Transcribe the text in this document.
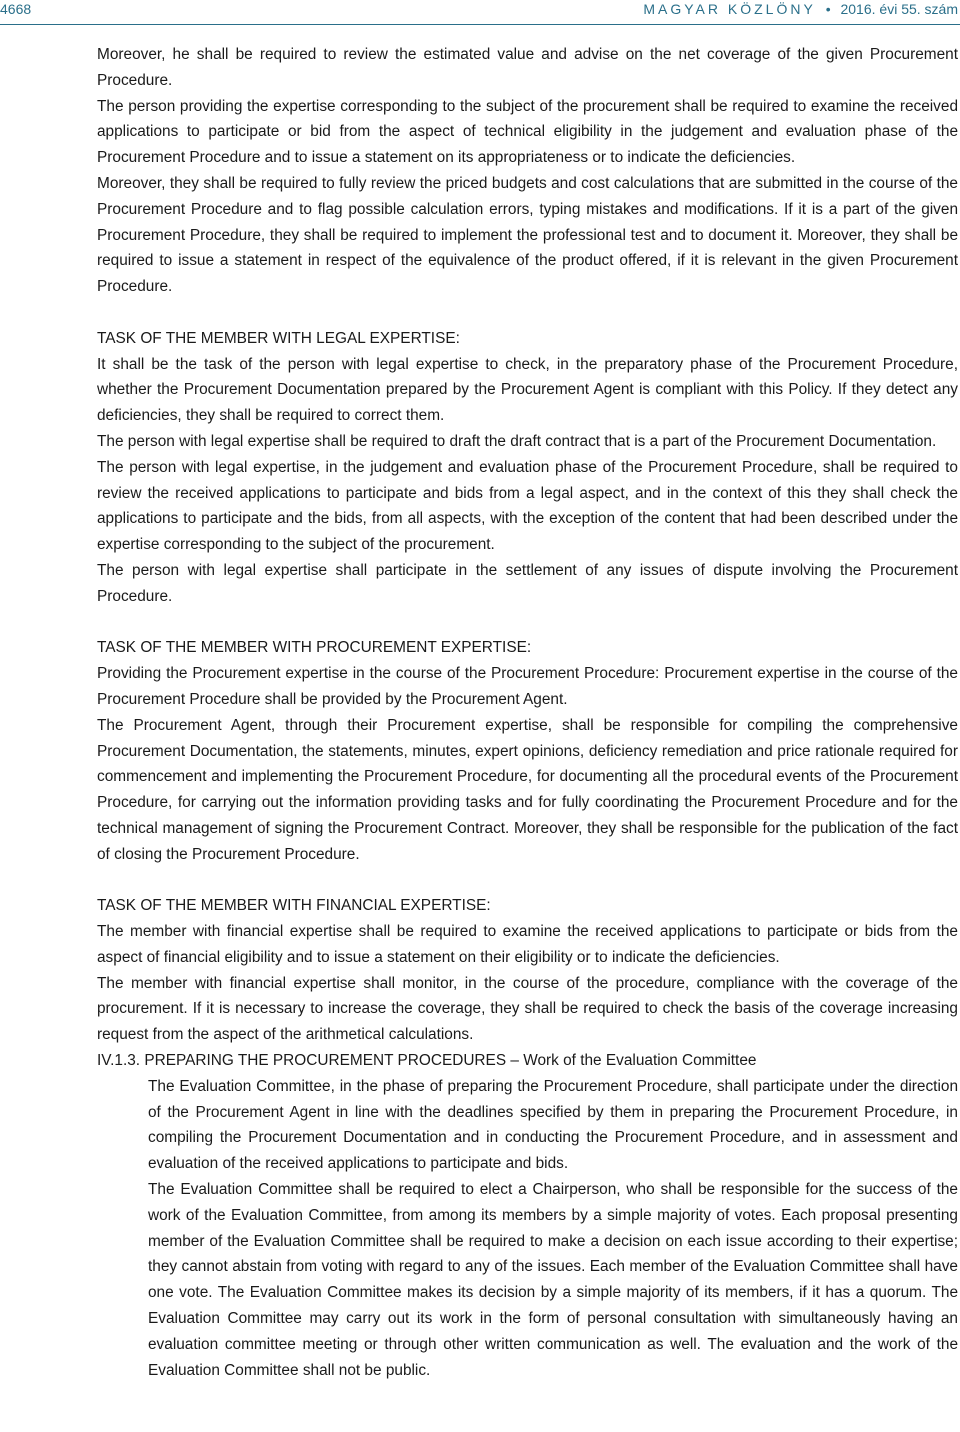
4668	MAGYAR KÖZLÖNY • 2016. évi 55. szám

Moreover, he shall be required to review the estimated value and advise on the net coverage of the given Procurement Procedure.

The person providing the expertise corresponding to the subject of the procurement shall be required to examine the received applications to participate or bid from the aspect of technical eligibility in the judgement and evaluation phase of the Procurement Procedure and to issue a statement on its appropriateness or to indicate the deficiencies.

Moreover, they shall be required to fully review the priced budgets and cost calculations that are submitted in the course of the Procurement Procedure and to flag possible calculation errors, typing mistakes and modifications. If it is a part of the given Procurement Procedure, they shall be required to implement the professional test and to document it. Moreover, they shall be required to issue a statement in respect of the equivalence of the product offered, if it is relevant in the given Procurement Procedure.

TASK OF THE MEMBER WITH LEGAL EXPERTISE:

It shall be the task of the person with legal expertise to check, in the preparatory phase of the Procurement Procedure, whether the Procurement Documentation prepared by the Procurement Agent is compliant with this Policy. If they detect any deficiencies, they shall be required to correct them.

The person with legal expertise shall be required to draft the draft contract that is a part of the Procurement Documentation.

The person with legal expertise, in the judgement and evaluation phase of the Procurement Procedure, shall be required to review the received applications to participate and bids from a legal aspect, and in the context of this they shall check the applications to participate and the bids, from all aspects, with the exception of the content that had been described under the expertise corresponding to the subject of the procurement.

The person with legal expertise shall participate in the settlement of any issues of dispute involving the Procurement Procedure.

TASK OF THE MEMBER WITH PROCUREMENT EXPERTISE:

Providing the Procurement expertise in the course of the Procurement Procedure: Procurement expertise in the course of the Procurement Procedure shall be provided by the Procurement Agent.

The Procurement Agent, through their Procurement expertise, shall be responsible for compiling the comprehensive Procurement Documentation, the statements, minutes, expert opinions, deficiency remediation and price rationale required for commencement and implementing the Procurement Procedure, for documenting all the procedural events of the Procurement Procedure, for carrying out the information providing tasks and for fully coordinating the Procurement Procedure and for the technical management of signing the Procurement Contract. Moreover, they shall be responsible for the publication of the fact of closing the Procurement Procedure.

TASK OF THE MEMBER WITH FINANCIAL EXPERTISE:

The member with financial expertise shall be required to examine the received applications to participate or bids from the aspect of financial eligibility and to issue a statement on their eligibility or to indicate the deficiencies.

The member with financial expertise shall monitor, in the course of the procedure, compliance with the coverage of the procurement. If it is necessary to increase the coverage, they shall be required to check the basis of the coverage increasing request from the aspect of the arithmetical calculations.

IV.1.3. PREPARING THE PROCUREMENT PROCEDURES – Work of the Evaluation Committee

The Evaluation Committee, in the phase of preparing the Procurement Procedure, shall participate under the direction of the Procurement Agent in line with the deadlines specified by them in preparing the Procurement Procedure, in compiling the Procurement Documentation and in conducting the Procurement Procedure, and in assessment and evaluation of the received applications to participate and bids.

The Evaluation Committee shall be required to elect a Chairperson, who shall be responsible for the success of the work of the Evaluation Committee, from among its members by a simple majority of votes. Each proposal presenting member of the Evaluation Committee shall be required to make a decision on each issue according to their expertise; they cannot abstain from voting with regard to any of the issues. Each member of the Evaluation Committee shall have one vote. The Evaluation Committee makes its decision by a simple majority of its members, if it has a quorum. The Evaluation Committee may carry out its work in the form of personal consultation with simultaneously having an evaluation committee meeting or through other written communication as well. The evaluation and the work of the Evaluation Committee shall not be public.
